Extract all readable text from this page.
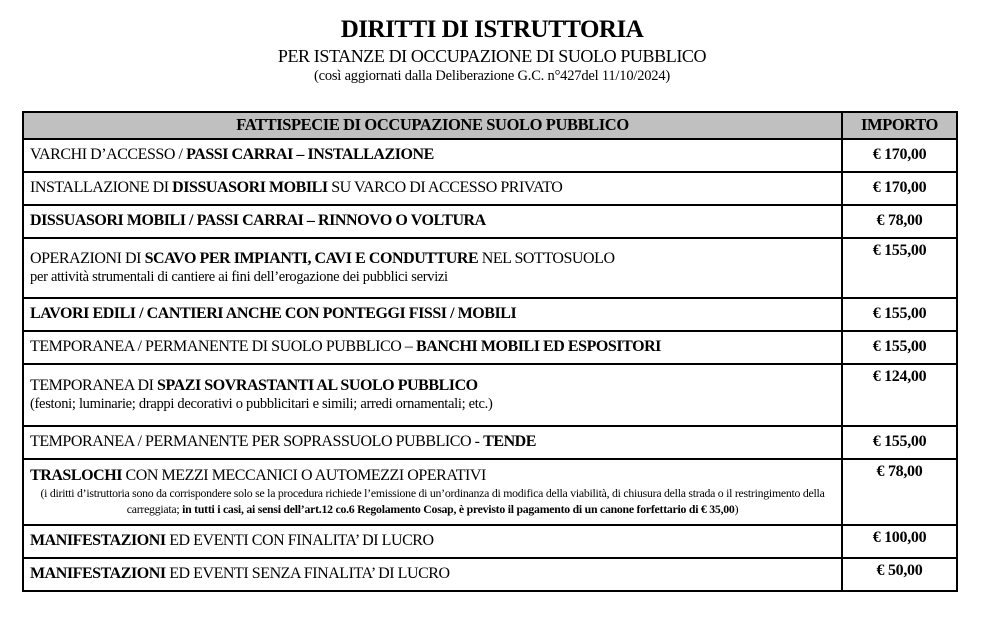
DIRITTI DI ISTRUTTORIA
PER ISTANZE DI OCCUPAZIONE DI SUOLO PUBBLICO
(così aggiornati dalla Deliberazione G.C. n°427del 11/10/2024)
FATTISPECIE DI OCCUPAZIONE SUOLO PUBBLICO	IMPORTO

VARCHI D’ACCESSO / PASSI CARRAI – INSTALLAZIONE	€ 170,00

INSTALLAZIONE DI DISSUASORI MOBILI SU VARCO DI ACCESSO PRIVATO	€ 170,00

DISSUASORI MOBILI / PASSI CARRAI – RINNOVO O VOLTURA	€ 78,00

OPERAZIONI DI SCAVO PER IMPIANTI, CAVI E CONDUTTURE NEL SOTTOSUOLO
per attività strumentali di cantiere ai fini dell’erogazione dei pubblici servizi	€ 155,00

LAVORI EDILI / CANTIERI ANCHE CON PONTEGGI FISSI / MOBILI	€ 155,00

TEMPORANEA / PERMANENTE DI SUOLO PUBBLICO – BANCHI MOBILI ED ESPOSITORI	€ 155,00

TEMPORANEA DI SPAZI SOVRASTANTI AL SUOLO PUBBLICO
(festoni; luminarie; drappi decorativi o pubblicitari e simili; arredi ornamentali; etc.)	€ 124,00

TEMPORANEA / PERMANENTE PER SOPRASSUOLO PUBBLICO - TENDE	€ 155,00

TRASLOCHI CON MEZZI MECCANICI O AUTOMEZZI OPERATIVI
(i diritti d’istruttoria sono da corrispondere solo se la procedura richiede l’emissione di un’ordinanza di modifica della viabilità, di chiusura della strada o il restringimento della carreggiata; in tutti i casi, ai sensi dell’art.12 co.6 Regolamento Cosap, è previsto il pagamento di un canone forfettario di € 35,00)	€ 78,00

MANIFESTAZIONI ED EVENTI CON FINALITA’ DI LUCRO	€ 100,00

MANIFESTAZIONI ED EVENTI SENZA FINALITA’ DI LUCRO	€ 50,00
